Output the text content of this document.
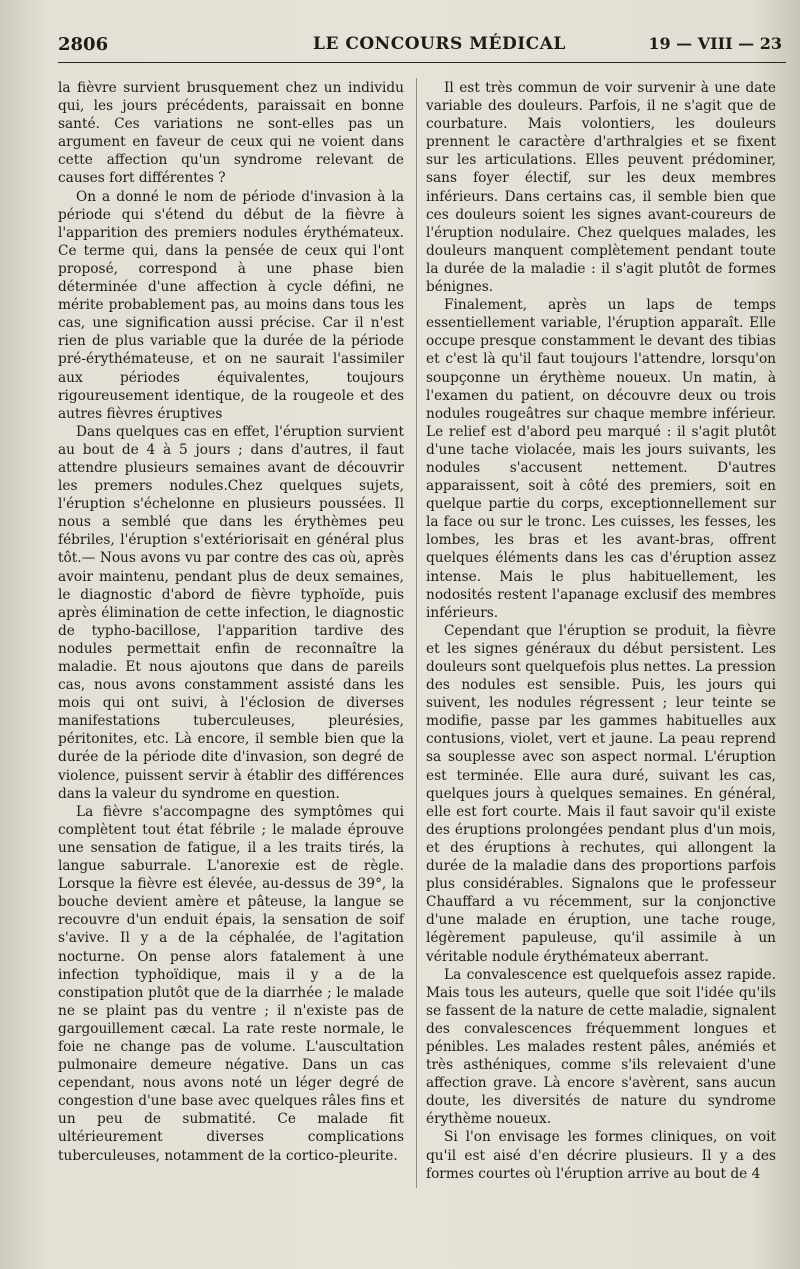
2806	LE CONCOURS MÉDICAL	19 — VIII — 23

la fièvre survient brusquement chez un individu qui, les jours précédents, paraissait en bonne santé. Ces variations ne sont-elles pas un argument en faveur de ceux qui ne voient dans cette affection qu'un syndrome relevant de causes fort différentes ?

On a donné le nom de période d'invasion à la période qui s'étend du début de la fièvre à l'apparition des premiers nodules érythémateux. Ce terme qui, dans la pensée de ceux qui l'ont proposé, correspond à une phase bien déterminée d'une affection à cycle défini, ne mérite probablement pas, au moins dans tous les cas, une signification aussi précise. Car il n'est rien de plus variable que la durée de la période pré-érythémateuse, et on ne saurait l'assimiler aux périodes équivalentes, toujours rigoureusement identique, de la rougeole et des autres fièvres éruptives

Dans quelques cas en effet, l'éruption survient au bout de 4 à 5 jours ; dans d'autres, il faut attendre plusieurs semaines avant de découvrir les premers nodules.Chez quelques sujets, l'éruption s'échelonne en plusieurs poussées. Il nous a semblé que dans les érythèmes peu fébriles, l'éruption s'extériorisait en général plus tôt.— Nous avons vu par contre des cas où, après avoir maintenu, pendant plus de deux semaines, le diagnostic d'abord de fièvre typhoïde, puis après élimination de cette infection, le diagnostic de typho-bacillose, l'apparition tardive des nodules permettait enfin de reconnaître la maladie. Et nous ajoutons que dans de pareils cas, nous avons constamment assisté dans les mois qui ont suivi, à l'éclosion de diverses manifestations tuberculeuses, pleurésies, péritonites, etc. Là encore, il semble bien que la durée de la période dite d'invasion, son degré de violence, puissent servir à établir des différences dans la valeur du syndrome en question.

La fièvre s'accompagne des symptômes qui complètent tout état fébrile ; le malade éprouve une sensation de fatigue, il a les traits tirés, la langue saburrale. L'anorexie est de règle. Lorsque la fièvre est élevée, au-dessus de 39°, la bouche devient amère et pâteuse, la langue se recouvre d'un enduit épais, la sensation de soif s'avive. Il y a de la céphalée, de l'agitation nocturne. On pense alors fatalement à une infection typhoïdique, mais il y a de la constipation plutôt que de la diarrhée ; le malade ne se plaint pas du ventre ; il n'existe pas de gargouillement cæcal. La rate reste normale, le foie ne change pas de volume. L'auscultation pulmonaire demeure négative. Dans un cas cependant, nous avons noté un léger degré de congestion d'une base avec quelques râles fins et un peu de submatité. Ce malade fit ultérieurement diverses complications tuberculeuses, notamment de la cortico-pleurite.

Il est très commun de voir survenir à une date variable des douleurs. Parfois, il ne s'agit que de courbature. Mais volontiers, les douleurs prennent le caractère d'arthralgies et se fixent sur les articulations. Elles peuvent prédominer, sans foyer électif, sur les deux membres inférieurs. Dans certains cas, il semble bien que ces douleurs soient les signes avant-coureurs de l'éruption nodulaire. Chez quelques malades, les douleurs manquent complètement pendant toute la durée de la maladie : il s'agit plutôt de formes bénignes.

Finalement, après un laps de temps essentiellement variable, l'éruption apparaît. Elle occupe presque constamment le devant des tibias et c'est là qu'il faut toujours l'attendre, lorsqu'on soupçonne un érythème noueux. Un matin, à l'examen du patient, on découvre deux ou trois nodules rougeâtres sur chaque membre inférieur. Le relief est d'abord peu marqué : il s'agit plutôt d'une tache violacée, mais les jours suivants, les nodules s'accusent nettement. D'autres apparaissent, soit à côté des premiers, soit en quelque partie du corps, exceptionnellement sur la face ou sur le tronc. Les cuisses, les fesses, les lombes, les bras et les avant-bras, offrent quelques éléments dans les cas d'éruption assez intense. Mais le plus habituellement, les nodosités restent l'apanage exclusif des membres inférieurs.

Cependant que l'éruption se produit, la fièvre et les signes généraux du début persistent. Les douleurs sont quelquefois plus nettes. La pression des nodules est sensible. Puis, les jours qui suivent, les nodules régressent ; leur teinte se modifie, passe par les gammes habituelles aux contusions, violet, vert et jaune. La peau reprend sa souplesse avec son aspect normal. L'éruption est terminée. Elle aura duré, suivant les cas, quelques jours à quelques semaines. En général, elle est fort courte. Mais il faut savoir qu'il existe des éruptions prolongées pendant plus d'un mois, et des éruptions à rechutes, qui allongent la durée de la maladie dans des proportions parfois plus considérables. Signalons que le professeur Chauffard a vu récemment, sur la conjonctive d'une malade en éruption, une tache rouge, légèrement papuleuse, qu'il assimile à un véritable nodule érythémateux aberrant.

La convalescence est quelquefois assez rapide. Mais tous les auteurs, quelle que soit l'idée qu'ils se fassent de la nature de cette maladie, signalent des convalescences fréquemment longues et pénibles. Les malades restent pâles, anémiés et très asthéniques, comme s'ils relevaient d'une affection grave. Là encore s'avèrent, sans aucun doute, les diversités de nature du syndrome érythème noueux.

Si l'on envisage les formes cliniques, on voit qu'il est aisé d'en décrire plusieurs. Il y a des formes courtes où l'éruption arrive au bout de 4
